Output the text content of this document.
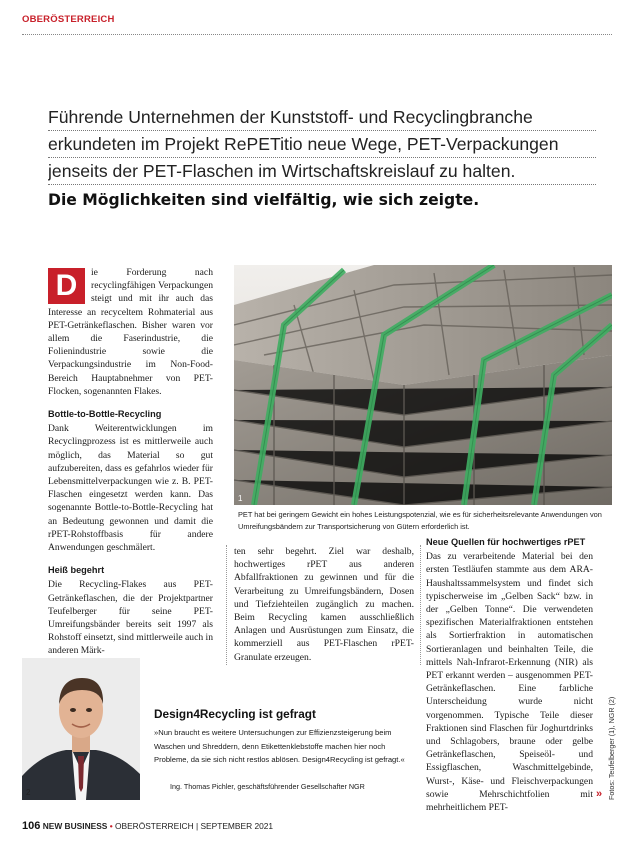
OBERÖSTERREICH
Führende Unternehmen der Kunststoff- und Recyclingbranche
erkundeten im Projekt RePETitio neue Wege, PET-Verpackungen
jenseits der PET-Flaschen im Wirtschaftskreislauf zu halten.
Die Möglichkeiten sind vielfältig, wie sich zeigte.
D	ie Forderung nach recyclingfähigen Verpackungen steigt und mit ihr auch das Interesse an recyceltem Rohmaterial aus PET-Getränkeflaschen. Bisher waren vor allem die Faserindustrie, die Folienindustrie sowie die Verpackungsindustrie im Non-Food-Bereich Hauptabnehmer von PET-Flocken, sogenannten Flakes.

Bottle-to-Bottle-Recycling

Dank Weiterentwicklungen im Recyclingprozess ist es mittlerweile auch möglich, das Material so gut aufzubereiten, dass es gefahrlos wieder für Lebensmittelverpackungen wie z. B. PET-Flaschen eingesetzt werden kann. Das sogenannte Bottle-to-Bottle-Recycling hat an Bedeutung gewonnen und damit die rPET-Rohstoffbasis für andere Anwendungen geschmälert.

Heiß begehrt

Die Recycling-Flakes aus PET-Getränkeflaschen, die der Projektpartner Teufelberger für seine PET-Umreifungsbänder bereits seit 1997 als Rohstoff einsetzt, sind mittlerweile auch in anderen Märk-

1
PET hat bei geringem Gewicht ein hohes Leistungspotenzial, wie es für sicherheitsrelevante Anwendungen von Umreifungsbändern zur Transportsicherung von Gütern erforderlich ist.

ten sehr begehrt. Ziel war deshalb, hochwertiges rPET aus anderen Abfallfraktionen zu gewinnen und für die Verarbeitung zu Umreifungsbändern, Dosen und Tiefziehteilen zugänglich zu machen. Beim Recycling kamen ausschließlich Anlagen und Ausrüstungen zum Einsatz, die kommerziell aus PET-Flaschen rPET-Granulate erzeugen.

Neue Quellen für hochwertiges rPET

Das zu verarbeitende Material bei den ersten Testläufen stammte aus dem ARA-Haushaltssammelsystem und findet sich typischerweise im „Gelben Sack“ bzw. in der „Gelben Tonne“. Die verwendeten spezifischen Materialfraktionen entstehen als Sortierfraktion in automatischen Sortieranlagen und beinhalten Teile, die mittels Nah-Infrarot-Erkennung (NIR) als PET erkannt werden – ausgenommen PET-Getränkeflaschen. Eine farbliche Unterscheidung wurde nicht vorgenommen. Typische Teile dieser Fraktionen sind Flaschen für Joghurtdrinks und Schlagobers, braune oder gelbe Getränkeflaschen, Speiseöl- und Essigflaschen, Waschmittelgebinde, Wurst-, Käse- und Fleischverpackungen sowie Mehrschichtfolien mit mehrheitlichem PET-

2
Design4Recycling ist gefragt
»Nun braucht es weitere Untersuchungen zur Effizienzsteigerung beim Waschen und Shreddern, denn Etikettenklebstoffe machen hier noch Probleme, da sie sich nicht restlos ablösen. Design4Recycling ist gefragt.«
Ing. Thomas Pichler, geschäftsführender Gesellschafter NGR	Fotos: Teufelberger (1), NGR (2)
»
106 NEW BUSINESS • OBERÖSTERREICH | SEPTEMBER 2021
